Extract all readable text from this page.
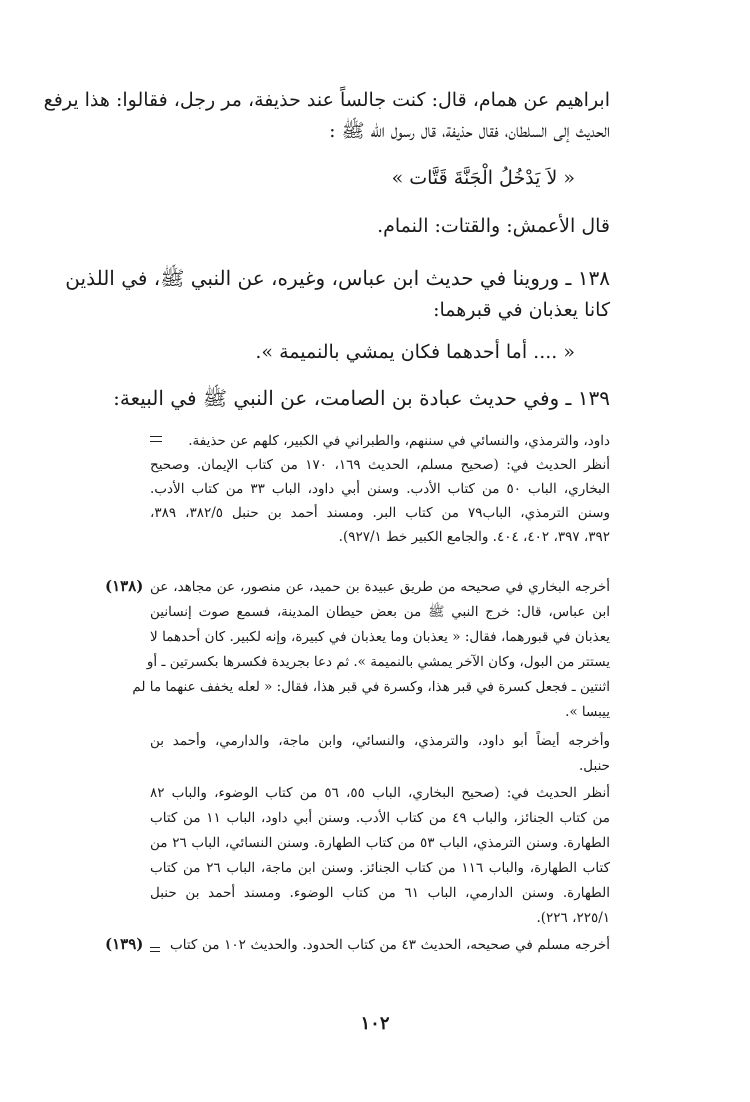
ابراهيم عن همام، قال: كنت جالساً عند حذيفة، مر رجل، فقالوا: هذا يرفع
الحديث إلى السلطان، فقال حذيفة، قال رسول الله ﷺ :
« لاَ يَدْخُلُ الْجَنَّةَ قَتَّات »
قال الأعمش: والقتات: النمام.
١٣٨ ـ وروينا في حديث ابن عباس، وغيره، عن النبي ﷺ، في اللذين
كانا يعذبان في قبرهما:
« .... أما أحدهما فكان يمشي بالنميمة ».
١٣٩ ـ وفي حديث عبادة بن الصامت، عن النبي ﷺ في البيعة:
داود، والترمذي، والنسائي في سننهم، والطبراني في الكبير، كلهم عن حذيفة.
أنظر الحديث في: (صحيح مسلم، الحديث ١٦٩، ١٧٠ من كتاب الإيمان. وصحيح
البخاري، الباب ٥٠ من كتاب الأدب. وسنن أبي داود، الباب ٣٣ من كتاب الأدب.
وسنن الترمذي، الباب٧٩ من كتاب البر. ومسند أحمد بن حنبل ٣٨٢/٥، ٣٨٩،
٣٩٢، ٣٩٧، ٤٠٢، ٤٠٤. والجامع الكبير خط ٩٢٧/١).
(١٣٨) أخرجه البخاري في صحيحه من طريق عبيدة بن حميد، عن منصور، عن مجاهد، عن
ابن عباس، قال: خرج النبي ﷺ من بعض حيطان المدينة، فسمع صوت إنسانين
يعذبان في قبورهما، فقال: « يعذبان وما يعذبان في كبيرة، وإنه لكبير. كان أحدهما لا
يستتر من البول، وكان الآخر يمشي بالنميمة ». ثم دعا بجريدة فكسرها بكسرتين ـ أو
اثنتين ـ فجعل كسرة في قبر هذا، وكسرة في قبر هذا، فقال: « لعله يخفف عنهما ما لم
ييبسا ».
وأخرجه أيضاً أبو داود، والترمذي، والنسائي، وابن ماجة، والدارمي، وأحمد بن
حنبل.
أنظر الحديث في: (صحيح البخاري، الباب ٥٥، ٥٦ من كتاب الوضوء، والباب ٨٢
من كتاب الجنائز، والباب ٤٩ من كتاب الأدب. وسنن أبي داود، الباب ١١ من كتاب
الطهارة. وسنن الترمذي، الباب ٥٣ من كتاب الطهارة. وسنن النسائي، الباب ٢٦ من
كتاب الطهارة، والباب ١١٦ من كتاب الجنائز. وسنن ابن ماجة، الباب ٢٦ من كتاب
الطهارة. وسنن الدارمي، الباب ٦١ من كتاب الوضوء. ومسند أحمد بن حنبل
٢٢٥/١، ٢٢٦).
(١٣٩)	أخرجه مسلم في صحيحه، الحديث ٤٣ من كتاب الحدود. والحديث ١٠٢ من كتاب
١٠٢
